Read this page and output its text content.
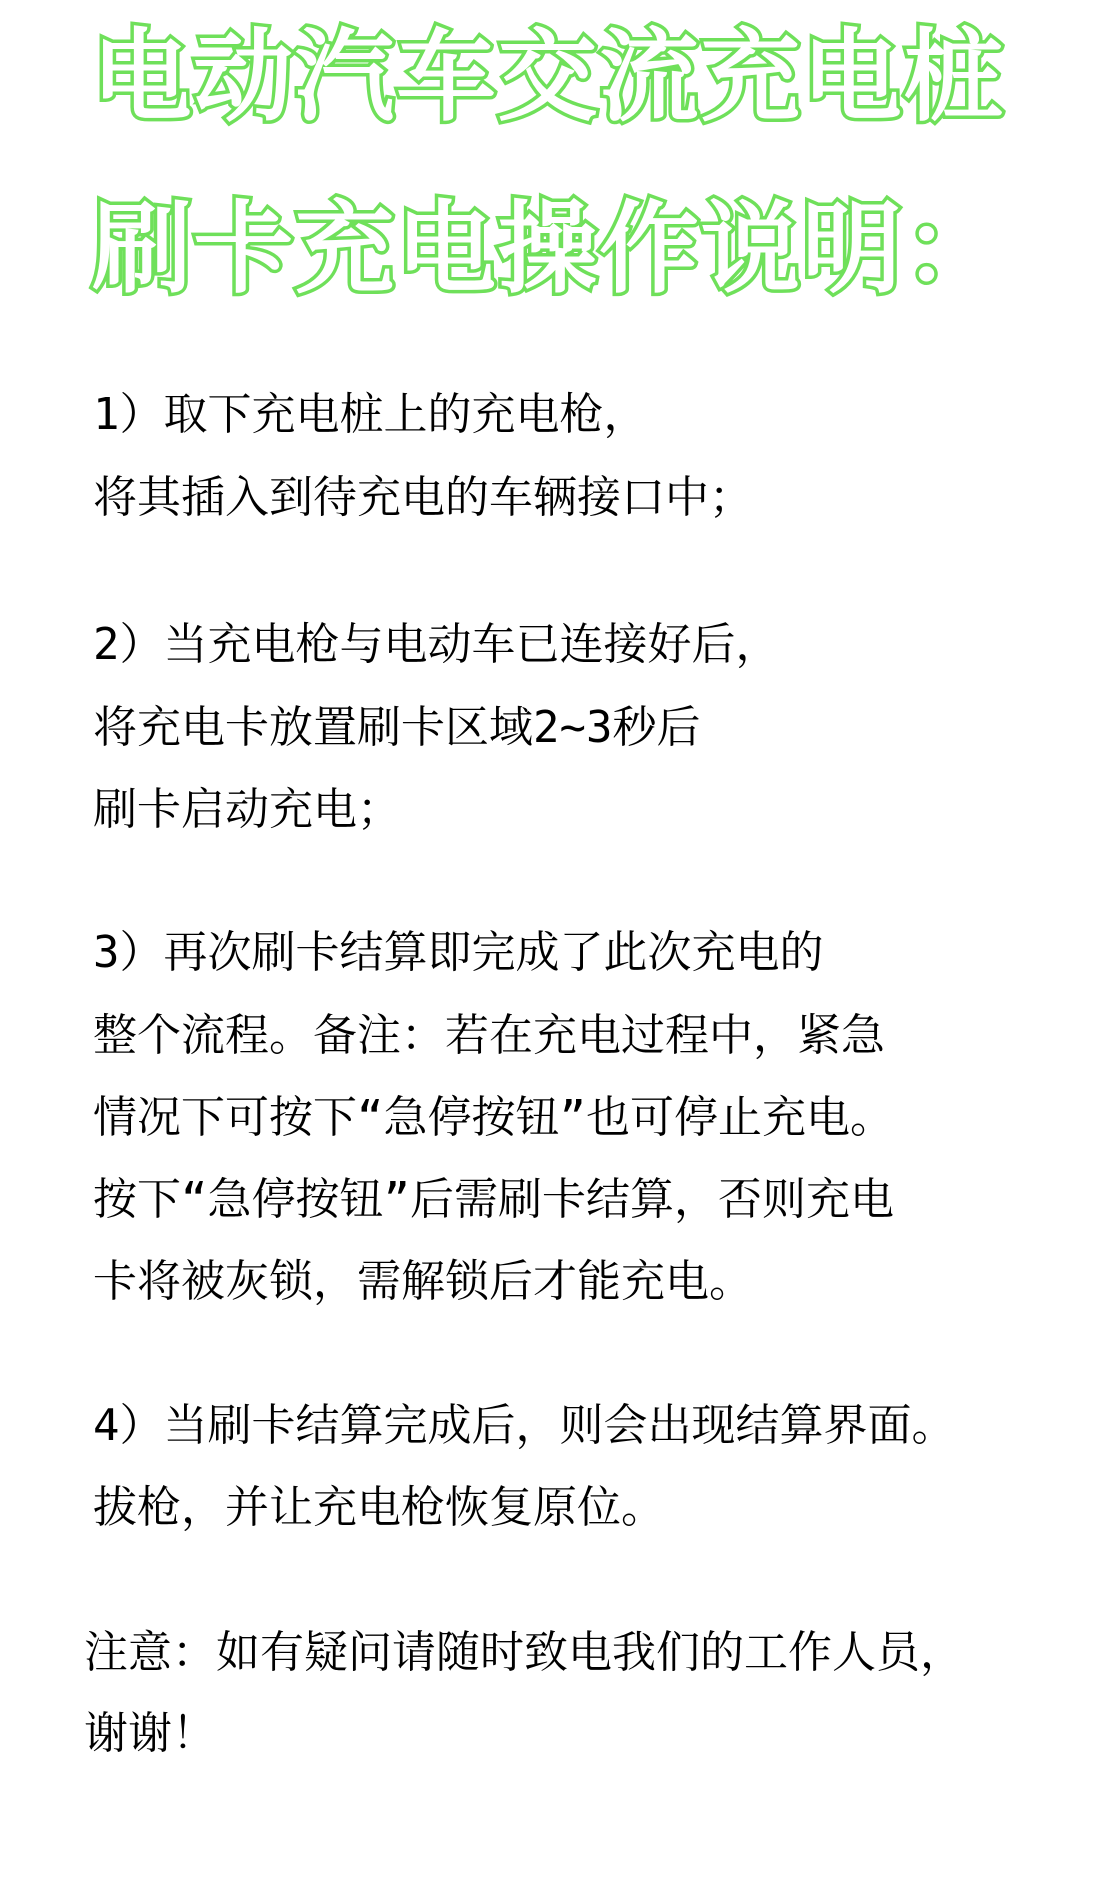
电动汽车交流充电桩
刷卡充电操作说明：
1）取下充电桩上的充电枪，
将其插入到待充电的车辆接口中；
2）当充电枪与电动车已连接好后，
将充电卡放置刷卡区域2~3秒后
刷卡启动充电；
3）再次刷卡结算即完成了此次充电的
整个流程。备注：若在充电过程中，紧急
情况下可按下“急停按钮”也可停止充电。
按下“急停按钮”后需刷卡结算，否则充电
卡将被灰锁，需解锁后才能充电。
4）当刷卡结算完成后，则会出现结算界面。
拔枪，并让充电枪恢复原位。
注意：如有疑问请随时致电我们的工作人员，
谢谢！
